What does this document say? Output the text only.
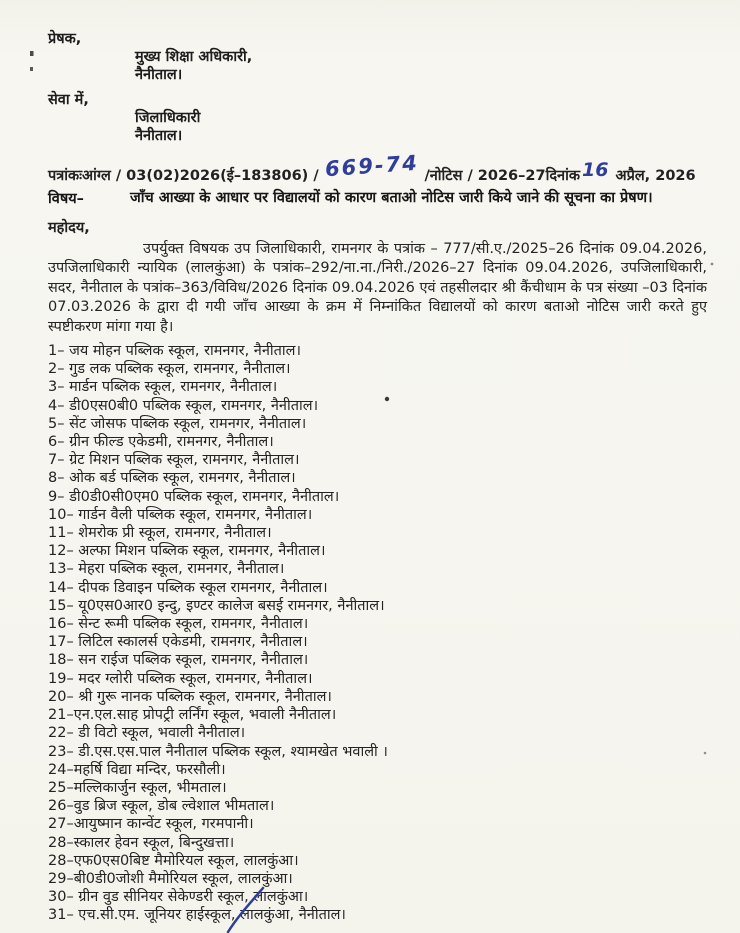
प्रेषक,
मुख्य शिक्षा अधिकारी,
नैनीताल।
सेवा में,
जिलाधिकारी
नैनीताल।
पत्रांकःआंग्ल / 03(02)2026(ई–183806) / 669-74 /नोटिस / 2026–27 दिनांक 16 अप्रैल, 2026
विषय–	जाँच आख्या के आधार पर विद्यालयों को कारण बताओ नोटिस जारी किये जाने की सूचना का प्रेषण।
महोदय,

उपर्युक्त विषयक उप जिलाधिकारी, रामनगर के पत्रांक – 777/सी.ए./2025–26 दिनांक 09.04.2026, उपजिलाधिकारी न्यायिक (लालकुंआ) के पत्रांक–292/ना.ना./निरी./2026–27 दिनांक 09.04.2026, उपजिलाधिकारी, सदर, नैनीताल के पत्रांक–363/विविध/2026 दिनांक 09.04.2026 एवं तहसीलदार श्री कैंचीधाम के पत्र संख्या –03 दिनांक 07.03.2026 के द्वारा दी गयी जाँच आख्या के क्रम में निम्नांकित विद्यालयों को कारण बताओ नोटिस जारी करते हुए स्पष्टीकरण मांगा गया है।

1– जय मोहन पब्लिक स्कूल, रामनगर, नैनीताल।
2– गुड लक पब्लिक स्कूल, रामनगर, नैनीताल।
3– मार्डन पब्लिक स्कूल, रामनगर, नैनीताल।
4– डी0एस0बी0 पब्लिक स्कूल, रामनगर, नैनीताल।
5– सेंट जोसफ पब्लिक स्कूल, रामनगर, नैनीताल।
6– ग्रीन फील्ड एकेडमी, रामनगर, नैनीताल।
7– ग्रेट मिशन पब्लिक स्कूल, रामनगर, नैनीताल।
8– ओक बर्ड पब्लिक स्कूल, रामनगर, नैनीताल।
9– डी0डी0सी0एम0 पब्लिक स्कूल, रामनगर, नैनीताल।
10– गार्डन वैली पब्लिक स्कूल, रामनगर, नैनीताल।
11– शेमरोक प्री स्कूल, रामनगर, नैनीताल।
12– अल्फा मिशन पब्लिक स्कूल, रामनगर, नैनीताल।
13– मेहरा पब्लिक स्कूल, रामनगर, नैनीताल।
14– दीपक डिवाइन पब्लिक स्कूल रामनगर, नैनीताल।
15– यू0एस0आर0 इन्दु, इण्टर कालेज बसई रामनगर, नैनीताल।
16– सेन्ट रूमी पब्लिक स्कूल, रामनगर, नैनीताल।
17– लिटिल स्कालर्स एकेडमी, रामनगर, नैनीताल।
18– सन राईज पब्लिक स्कूल, रामनगर, नैनीताल।
19– मदर ग्लोरी पब्लिक स्कूल, रामनगर, नैनीताल।
20– श्री गुरू नानक पब्लिक स्कूल, रामनगर, नैनीताल।
21–एन.एल.साह प्रोपट्री लर्निंग स्कूल, भवाली नैनीताल।
22– डी विटो स्कूल, भवाली नैनीताल।
23– डी.एस.एस.पाल नैनीताल पब्लिक स्कूल, श्यामखेत भवाली ।
24–महर्षि विद्या मन्दिर, फरसौली।
25–मल्लिकार्जुन स्कूल, भीमताल।
26–वुड ब्रिज स्कूल, डोब ल्वेशाल भीमताल।
27–आयुष्मान कान्वेंट स्कूल, गरमपानी।
28–स्कालर हेवन स्कूल, बिन्दुखत्ता।
28–एफ0एस0बिष्ट मैमोरियल स्कूल, लालकुंआ।
29–बी0डी0जोशी मैमोरियल स्कूल, लालकुंआ।
30– ग्रीन वुड सीनियर सेकेण्डरी स्कूल, लालकुंआ।
31– एच.सी.एम. जूनियर हाईस्कूल, लालकुंआ, नैनीताल।
